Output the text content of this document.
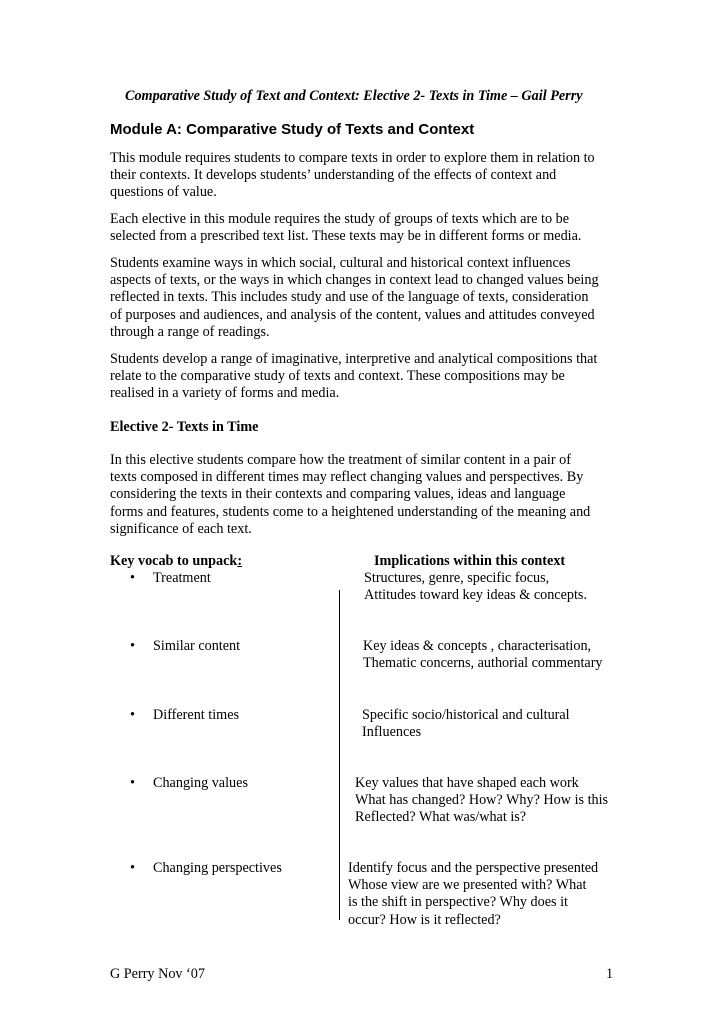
Comparative Study of Text and Context: Elective 2- Texts in Time – Gail Perry
Module A: Comparative Study of Texts and Context
This module requires students to compare texts in order to explore them in relation to
their contexts. It develops students’ understanding of the effects of context and
questions of value.
Each elective in this module requires the study of groups of texts which are to be
selected from a prescribed text list. These texts may be in different forms or media.
Students examine ways in which social, cultural and historical context influences
aspects of texts, or the ways in which changes in context lead to changed values being
reflected in texts. This includes study and use of the language of texts, consideration
of purposes and audiences, and analysis of the content, values and attitudes conveyed
through a range of readings.
Students develop a range of imaginative, interpretive and analytical compositions that
relate to the comparative study of texts and context. These compositions may be
realised in a variety of forms and media.
Elective 2- Texts in Time
In this elective students compare how the treatment of similar content in a pair of
texts composed in different times may reflect changing values and perspectives. By
considering the texts in their contexts and comparing values, ideas and language
forms and features, students come to a heightened understanding of the meaning and
significance of each text.
Key vocab to unpack:	Implications within this context
• Treatment	Structures, genre, specific focus,
Attitudes toward key ideas & concepts.
• Similar content	Key ideas & concepts , characterisation,
Thematic concerns, authorial commentary
• Different times	Specific socio/historical and cultural
Influences
• Changing values	Key values that have shaped each work
What has changed? How? Why? How is this
Reflected? What was/what is?
• Changing perspectives	Identify focus and the perspective presented
Whose view are we presented with? What
is the shift in perspective? Why does it
occur? How is it reflected?
G Perry Nov ‘07	1
